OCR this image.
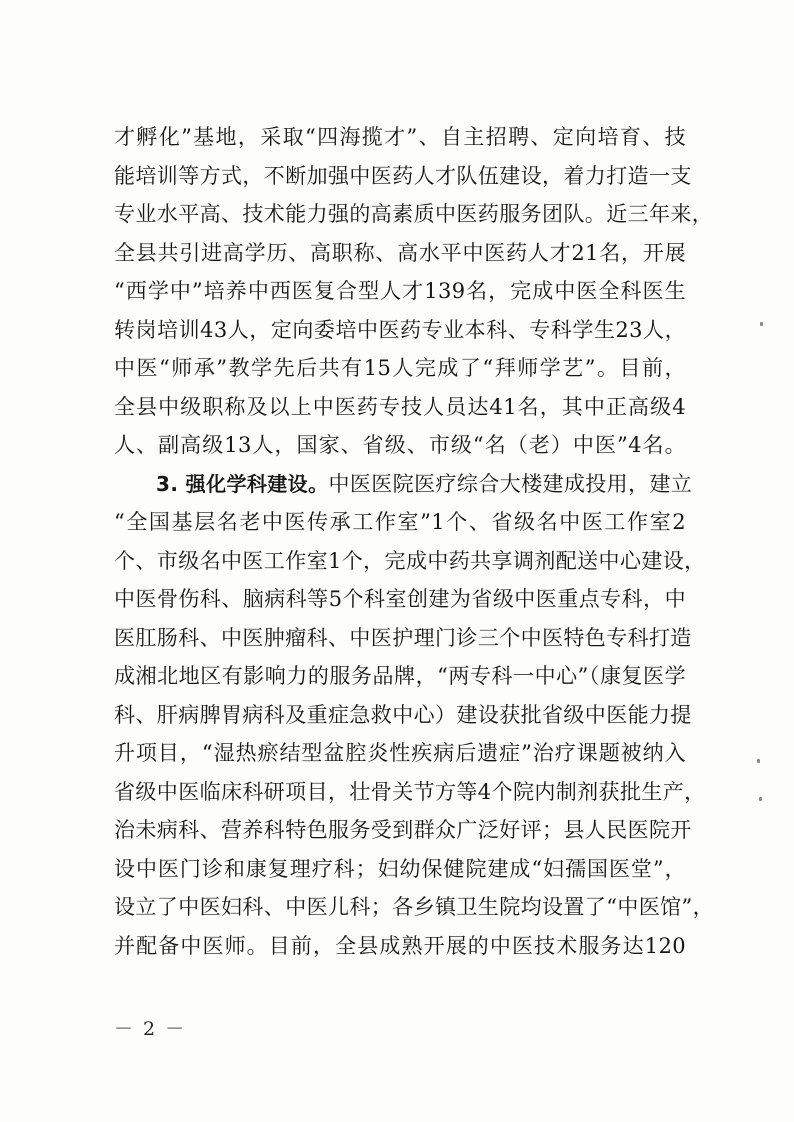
才孵化”基地，采取“四海揽才”、自主招聘、定向培育、技
能培训等方式，不断加强中医药人才队伍建设，着力打造一支
专业水平高、技术能力强的高素质中医药服务团队。近三年来，
全县共引进高学历、高职称、高水平中医药人才21名，开展
“西学中”培养中西医复合型人才139名，完成中医全科医生
转岗培训43人，定向委培中医药专业本科、专科学生23人，
中医“师承”教学先后共有15人完成了“拜师学艺”。目前，
全县中级职称及以上中医药专技人员达41名，其中正高级4
人、副高级13人，国家、省级、市级“名（老）中医”4名。
3. 强化学科建设。中医医院医疗综合大楼建成投用，建立
“全国基层名老中医传承工作室”1个、省级名中医工作室2
个、市级名中医工作室1个，完成中药共享调剂配送中心建设，
中医骨伤科、脑病科等5个科室创建为省级中医重点专科，中
医肛肠科、中医肿瘤科、中医护理门诊三个中医特色专科打造
成湘北地区有影响力的服务品牌，“两专科一中心”（康复医学
科、肝病脾胃病科及重症急救中心）建设获批省级中医能力提
升项目，“湿热瘀结型盆腔炎性疾病后遗症”治疗课题被纳入
省级中医临床科研项目，壮骨关节方等4个院内制剂获批生产，
治未病科、营养科特色服务受到群众广泛好评；县人民医院开
设中医门诊和康复理疗科；妇幼保健院建成“妇孺国医堂”，
设立了中医妇科、中医儿科；各乡镇卫生院均设置了“中医馆”，
并配备中医师。目前，全县成熟开展的中医技术服务达120
－ 2 －
